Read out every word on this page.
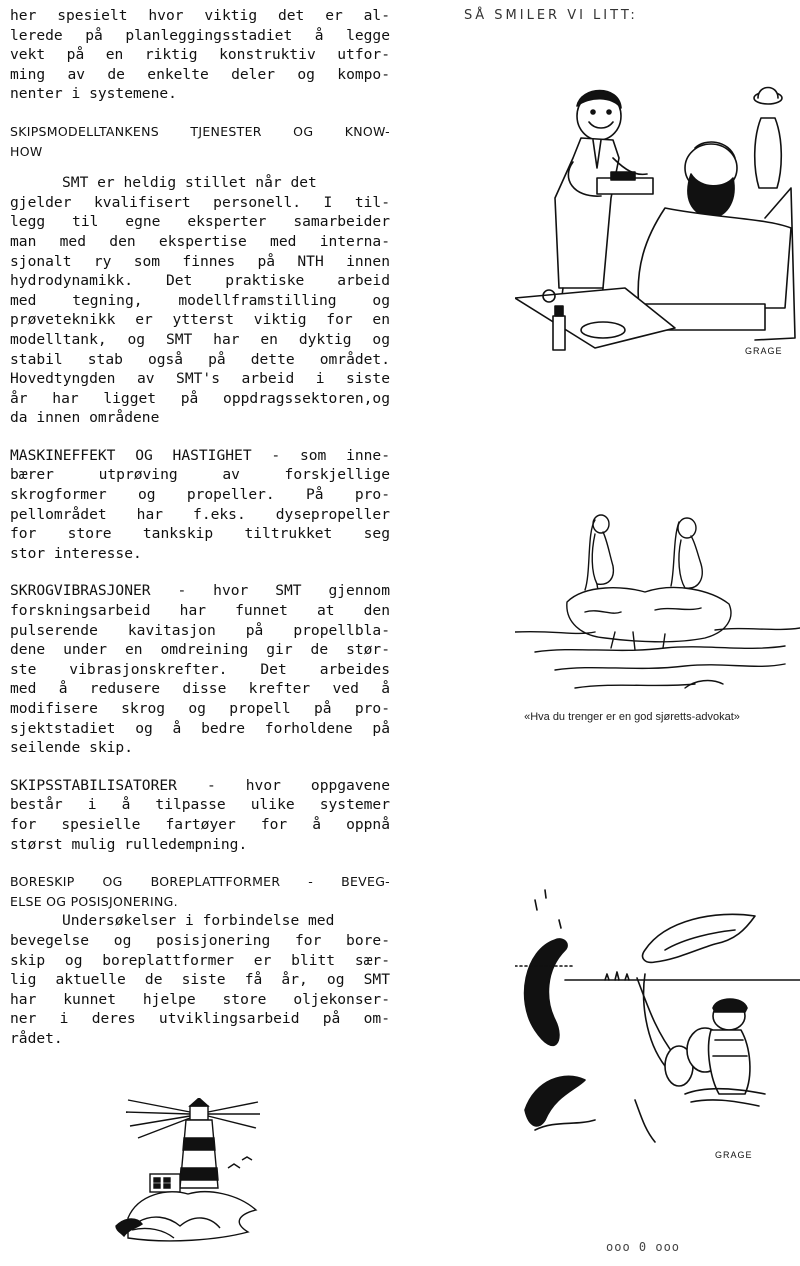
her spesielt hvor viktig det er al-
lerede på planleggingsstadiet å legge
vekt på en riktig konstruktiv utfor-
ming av de enkelte deler og kompo-
nenter i systemene.

SKIPSMODELLTANKENS TJENESTER OG KNOW-
HOW

SMT er heldig stillet når det
gjelder kvalifisert personell. I til-
legg til egne eksperter samarbeider
man med den ekspertise med interna-
sjonalt ry som finnes på NTH innen
hydrodynamikk. Det praktiske arbeid
med tegning, modellframstilling og
prøveteknikk er ytterst viktig for en
modelltank, og SMT har en dyktig og
stabil stab også på dette området.
Hovedtyngden av SMT's arbeid i siste
år har ligget på oppdragssektoren,og
da innen områdene

MASKINEFFEKT OG HASTIGHET - som inne-
bærer utprøving av forskjellige
skrogformer og propeller. På pro-
pellområdet har f.eks. dysepropeller
for store tankskip tiltrukket seg
stor interesse.

SKROGVIBRASJONER - hvor SMT gjennom
forskningsarbeid har funnet at den
pulserende kavitasjon på propellbla-
dene under en omdreining gir de stør-
ste vibrasjonskrefter. Det arbeides
med å redusere disse krefter ved å
modifisere skrog og propell på pro-
sjektstadiet og å bedre forholdene på
seilende skip.

SKIPSSTABILISATORER - hvor oppgavene
består i å tilpasse ulike systemer
for spesielle fartøyer for å oppnå
størst mulig rulledempning.

BORESKIP OG BOREPLATTFORMER - BEVEG-
ELSE OG POSISJONERING.

Undersøkelser i forbindelse med
bevegelse og posisjonering for bore-
skip og boreplattformer er blitt sær-
lig aktuelle de siste få år, og SMT
har kunnet hjelpe store oljekonser-
ner i deres utviklingsarbeid på om-
rådet.

SÅ SMILER VI LITT:
GRAGE
«Hva du trenger er en god sjøretts-advokat»
GRAGE
ooo 0 ooo
